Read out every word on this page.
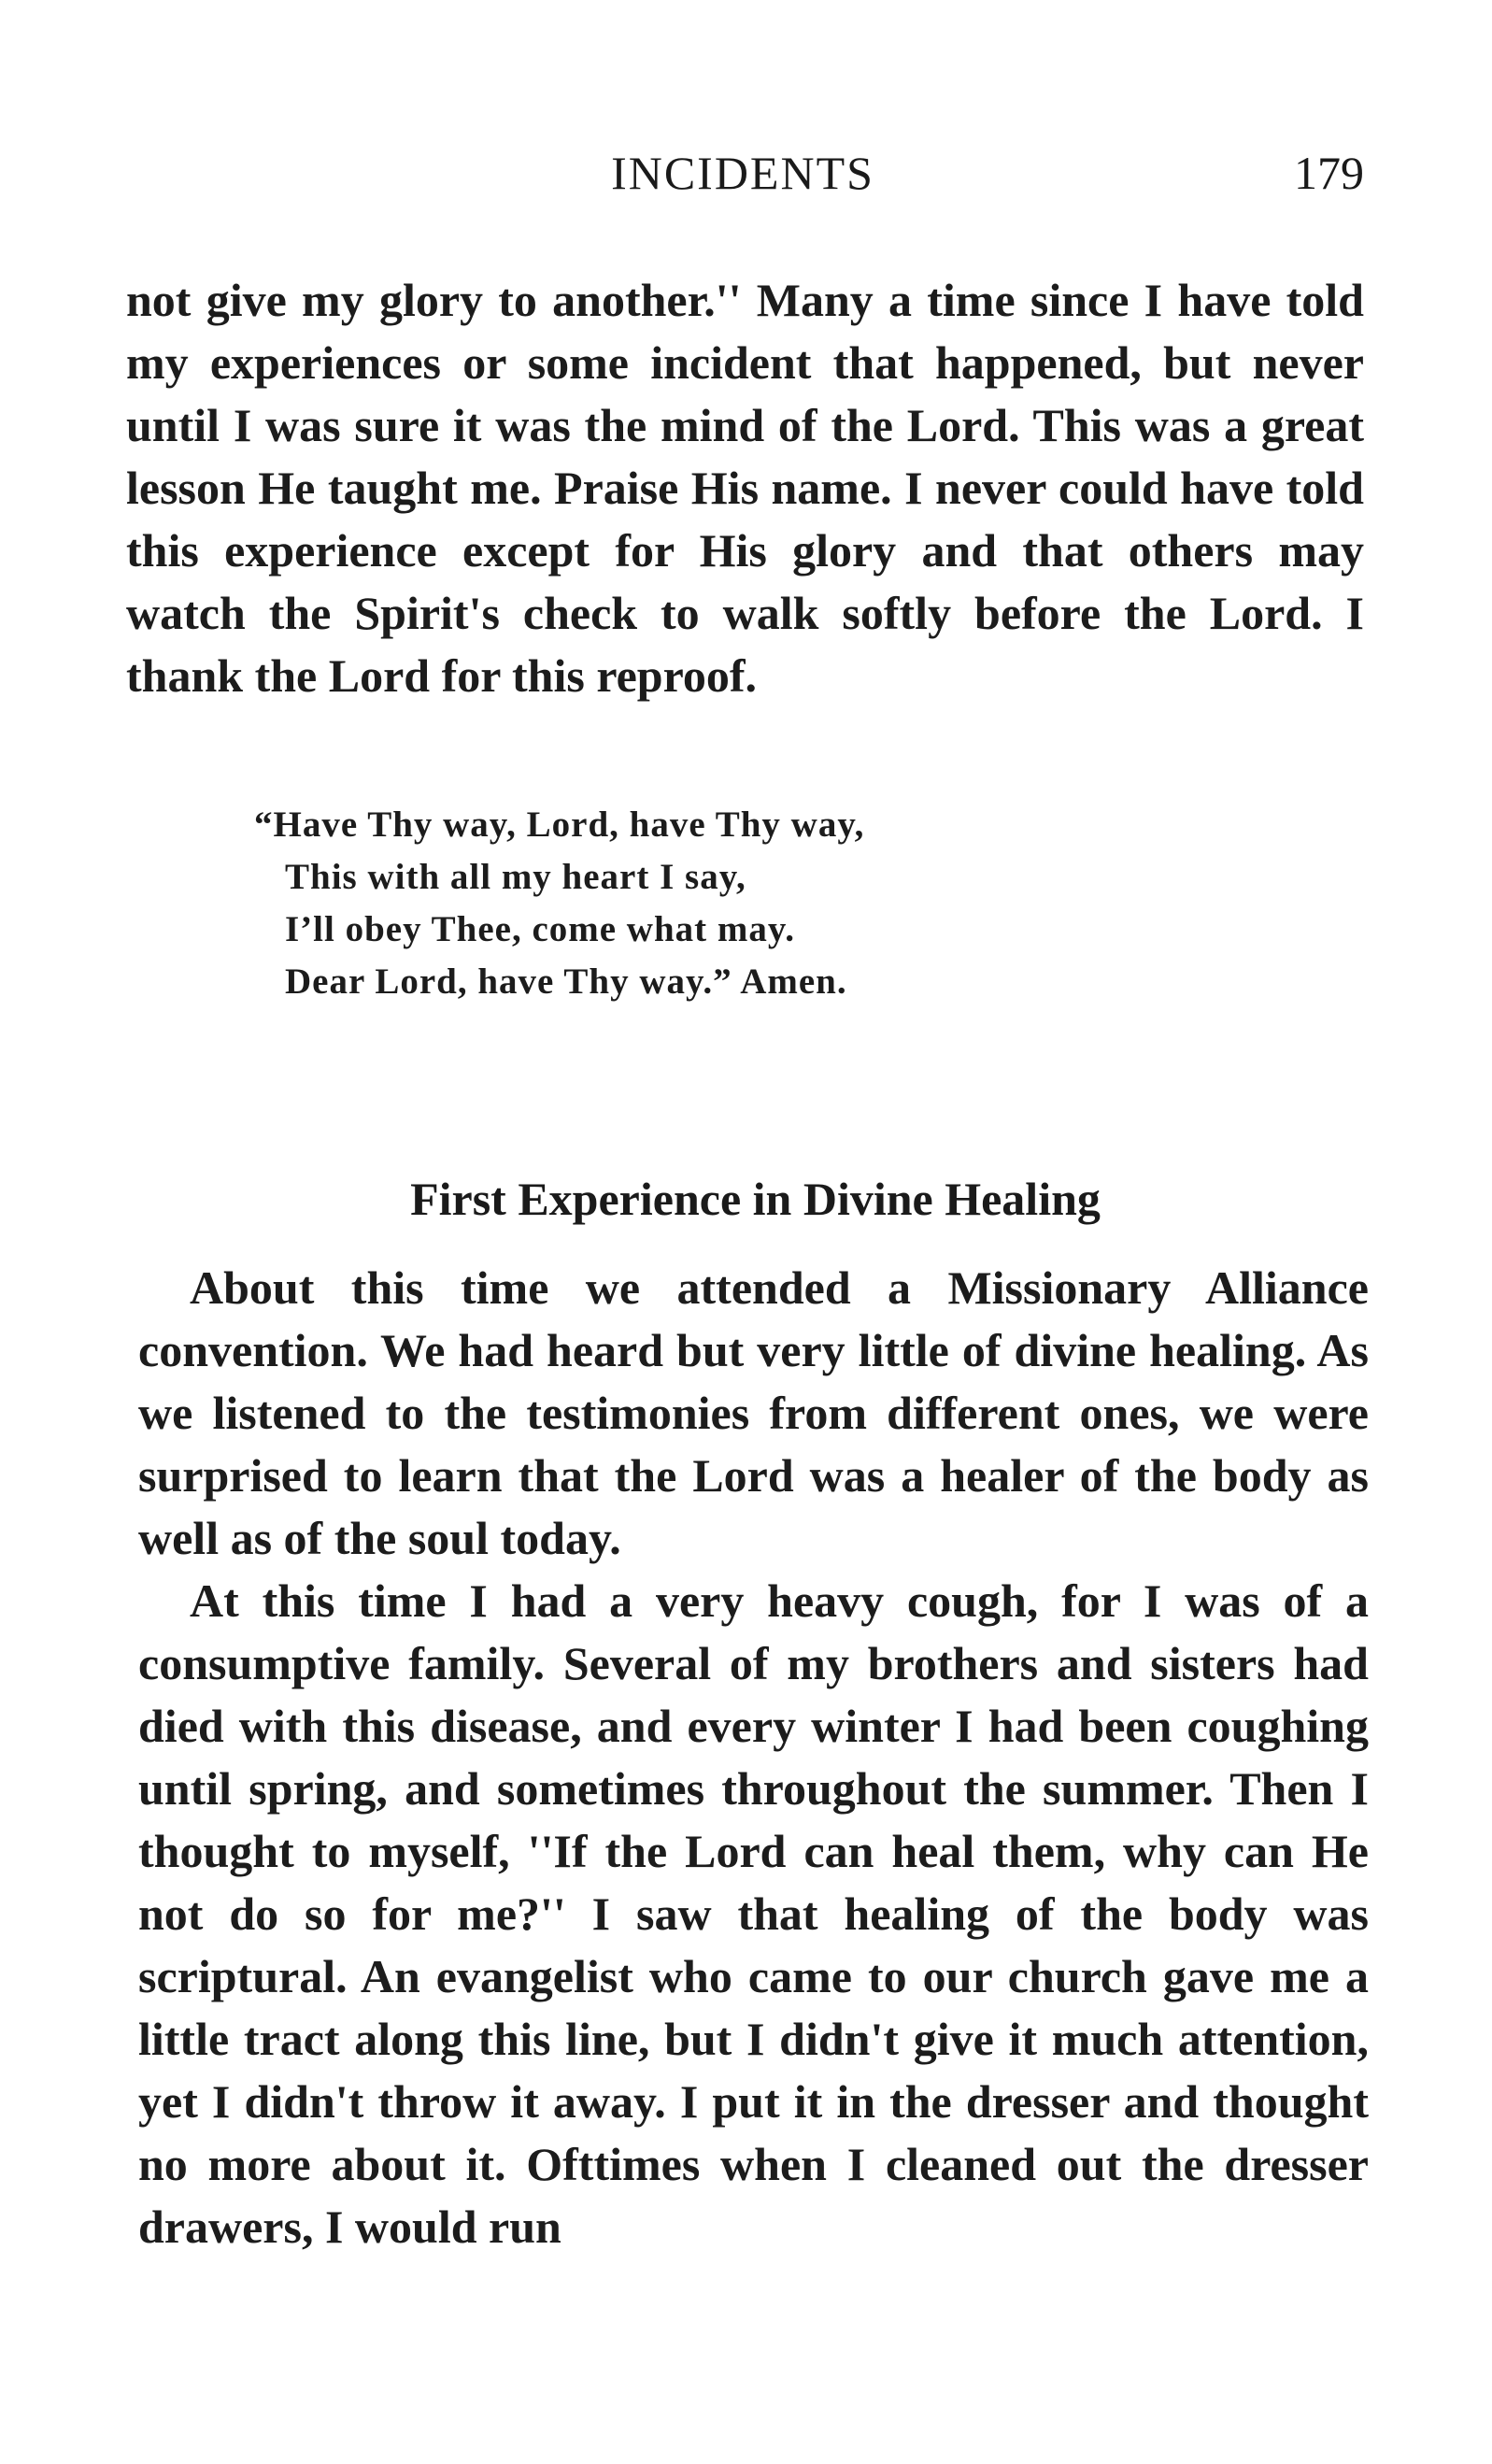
INCIDENTS	179

not give my glory to another.'' Many a time since I have told my experiences or some incident that happened, but never until I was sure it was the mind of the Lord. This was a great lesson He taught me. Praise His name. I never could have told this experience except for His glory and that others may watch the Spirit's check to walk softly before the Lord. I thank the Lord for this reproof.

“Have Thy way, Lord, have Thy way,
This with all my heart I say,
I’ll obey Thee, come what may.
Dear Lord, have Thy way.” Amen.
First Experience in Divine Healing

About this time we attended a Missionary Alliance convention. We had heard but very little of divine healing. As we listened to the testimonies from different ones, we were surprised to learn that the Lord was a healer of the body as well as of the soul today.

At this time I had a very heavy cough, for I was of a consumptive family. Several of my brothers and sisters had died with this disease, and every winter I had been coughing until spring, and sometimes throughout the summer. Then I thought to myself, ''If the Lord can heal them, why can He not do so for me?'' I saw that healing of the body was scriptural. An evangelist who came to our church gave me a little tract along this line, but I didn't give it much attention, yet I didn't throw it away. I put it in the dresser and thought no more about it. Ofttimes when I cleaned out the dresser drawers, I would run
